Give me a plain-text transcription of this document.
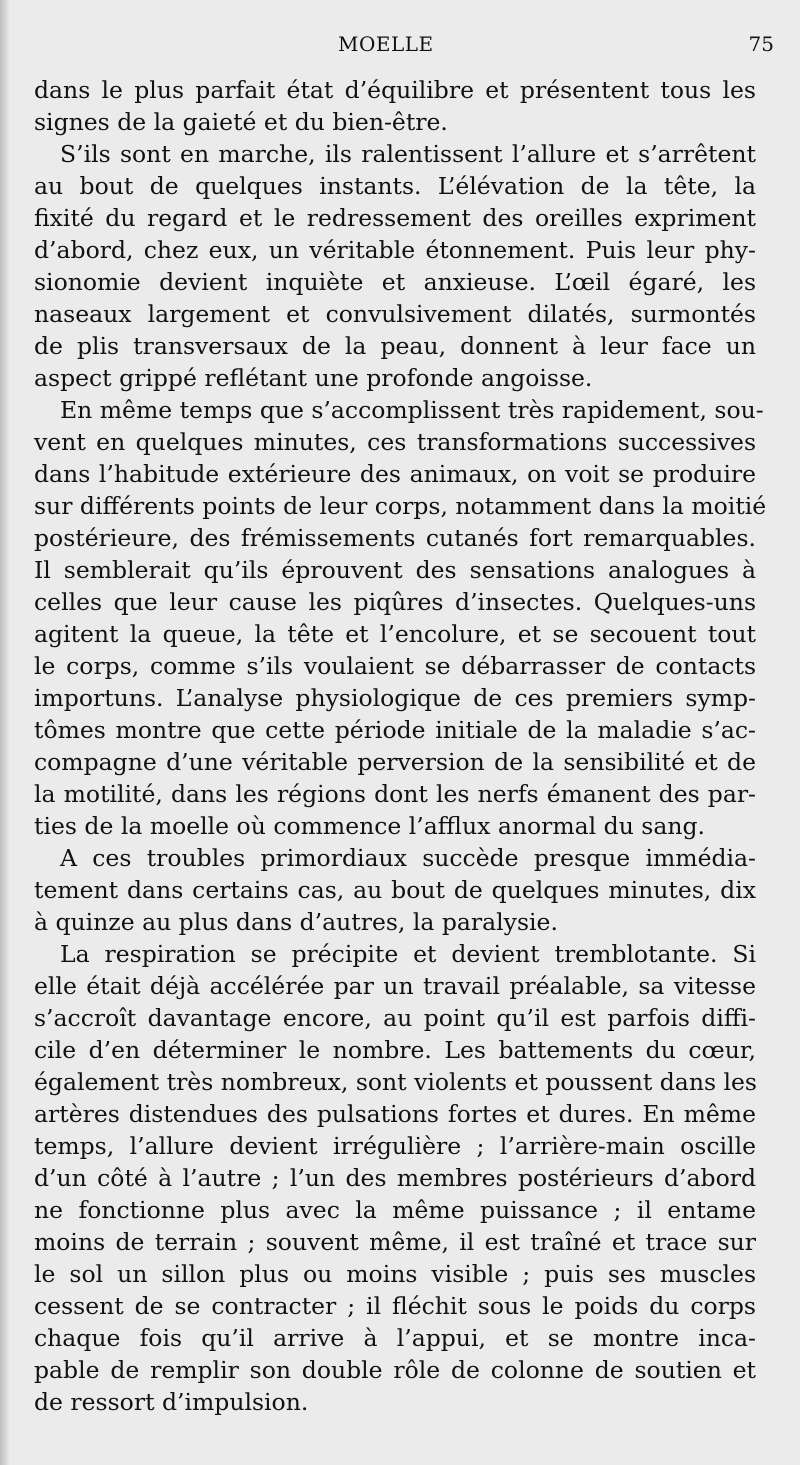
MOELLE	75
dans le plus parfait état d’équilibre et présentent tous les
signes de la gaieté et du bien-être.
S’ils sont en marche, ils ralentissent l’allure et s’arrêtent
au bout de quelques instants. L’élévation de la tête, la
fixité du regard et le redressement des oreilles expriment
d’abord, chez eux, un véritable étonnement. Puis leur phy-
sionomie devient inquiète et anxieuse. L’œil égaré, les
naseaux largement et convulsivement dilatés, surmontés
de plis transversaux de la peau, donnent à leur face un
aspect grippé reflétant une profonde angoisse.
En même temps que s’accomplissent très rapidement, sou-
vent en quelques minutes, ces transformations successives
dans l’habitude extérieure des animaux, on voit se produire
sur différents points de leur corps, notamment dans la moitié
postérieure, des frémissements cutanés fort remarquables.
Il semblerait qu’ils éprouvent des sensations analogues à
celles que leur cause les piqûres d’insectes. Quelques-uns
agitent la queue, la tête et l’encolure, et se secouent tout
le corps, comme s’ils voulaient se débarrasser de contacts
importuns. L’analyse physiologique de ces premiers symp-
tômes montre que cette période initiale de la maladie s’ac-
compagne d’une véritable perversion de la sensibilité et de
la motilité, dans les régions dont les nerfs émanent des par-
ties de la moelle où commence l’afflux anormal du sang.
A ces troubles primordiaux succède presque immédia-
tement dans certains cas, au bout de quelques minutes, dix
à quinze au plus dans d’autres, la paralysie.
La respiration se précipite et devient tremblotante. Si
elle était déjà accélérée par un travail préalable, sa vitesse
s’accroît davantage encore, au point qu’il est parfois diffi-
cile d’en déterminer le nombre. Les battements du cœur,
également très nombreux, sont violents et poussent dans les
artères distendues des pulsations fortes et dures. En même
temps, l’allure devient irrégulière ; l’arrière-main oscille
d’un côté à l’autre ; l’un des membres postérieurs d’abord
ne fonctionne plus avec la même puissance ; il entame
moins de terrain ; souvent même, il est traîné et trace sur
le sol un sillon plus ou moins visible ; puis ses muscles
cessent de se contracter ; il fléchit sous le poids du corps
chaque fois qu’il arrive à l’appui, et se montre inca-
pable de remplir son double rôle de colonne de soutien et
de ressort d’impulsion.
